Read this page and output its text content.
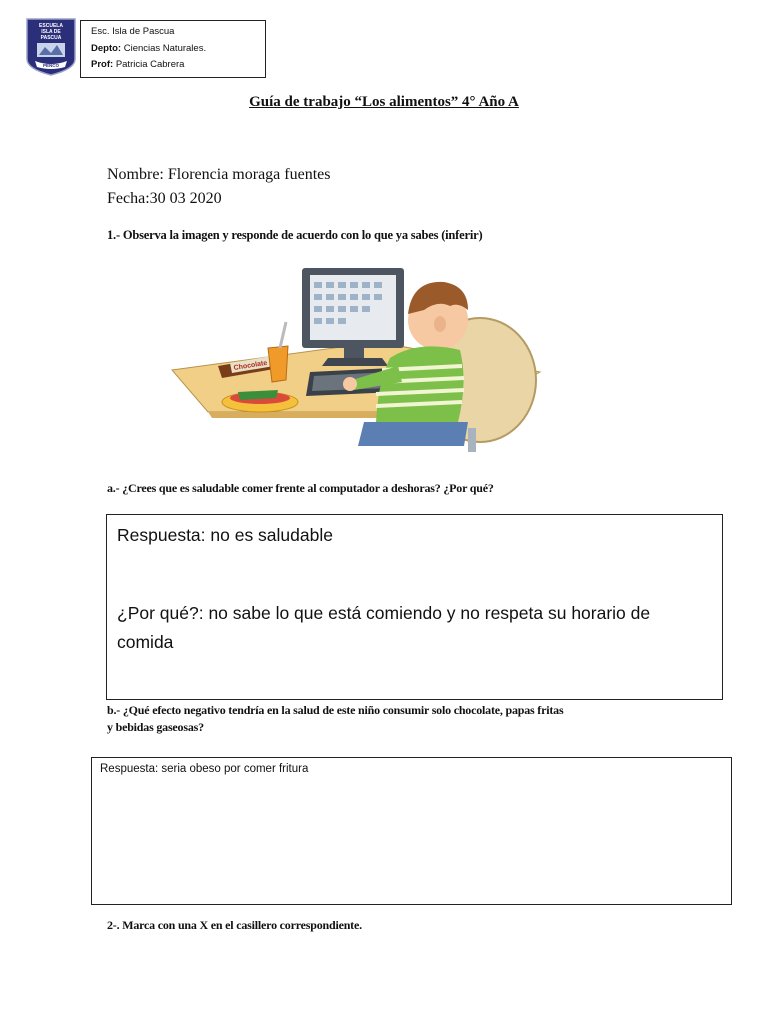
ESCUELA
ISLA DE
PASCUA
PENCO
Esc. Isla de Pascua
Depto: Ciencias Naturales.
Prof: Patricia Cabrera
Guía de trabajo “Los alimentos” 4° Año A
Nombre: Florencia moraga fuentes
Fecha:30 03 2020
1.- Observa la imagen y responde de acuerdo con lo que ya sabes (inferir)
Chocolate
a.- ¿Crees que es saludable comer frente al computador a deshoras? ¿Por qué?
Respuesta: no es saludable
¿Por qué?: no sabe lo que está comiendo y no respeta su horario de
comida
b.- ¿Qué efecto negativo tendría en la salud de este niño consumir solo chocolate, papas fritas
y bebidas gaseosas?
Respuesta: seria obeso por comer fritura
2-. Marca con una X en el casillero correspondiente.
